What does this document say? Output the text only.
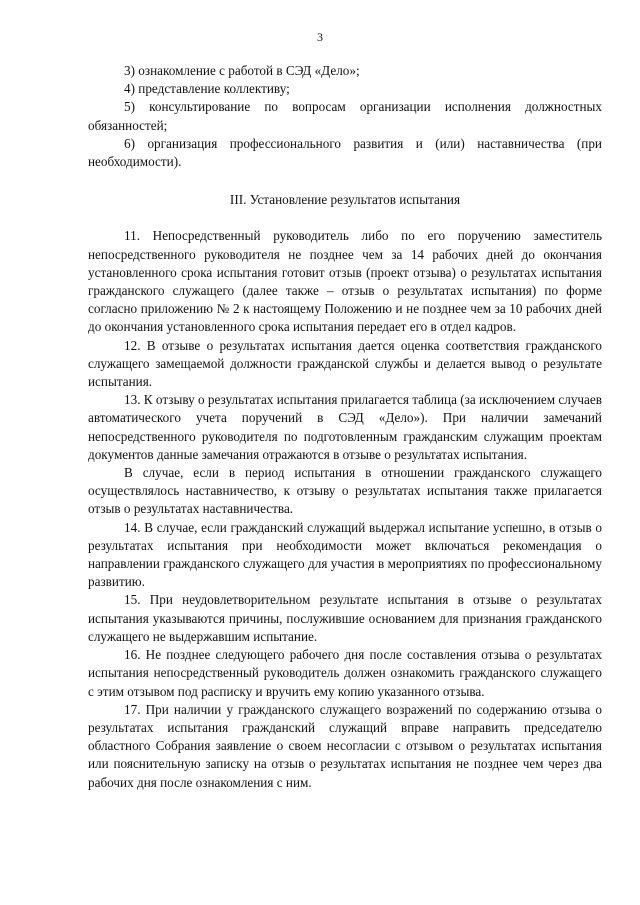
3

3) ознакомление с работой в СЭД «Дело»;

4) представление коллективу;

5) консультирование по вопросам организации исполнения должностных обязанностей;

6) организация профессионального развития и (или) наставничества (при необходимости).

III. Установление результатов испытания

11. Непосредственный руководитель либо по его поручению заместитель непосредственного руководителя не позднее чем за 14 рабочих дней до окончания установленного срока испытания готовит отзыв (проект отзыва) о результатах испытания гражданского служащего (далее также – отзыв о результатах испытания) по форме согласно приложению № 2 к настоящему Положению и не позднее чем за 10 рабочих дней до окончания установленного срока испытания передает его в отдел кадров.

12. В отзыве о результатах испытания дается оценка соответствия гражданского служащего замещаемой должности гражданской службы и делается вывод о результате испытания.

13. К отзыву о результатах испытания прилагается таблица (за исключением случаев автоматического учета поручений в СЭД «Дело»). При наличии замечаний непосредственного руководителя по подготовленным гражданским служащим проектам документов данные замечания отражаются в отзыве о результатах испытания.

В случае, если в период испытания в отношении гражданского служащего осуществлялось наставничество, к отзыву о результатах испытания также прилагается отзыв о результатах наставничества.

14. В случае, если гражданский служащий выдержал испытание успешно, в отзыв о результатах испытания при необходимости может включаться рекомендация о направлении гражданского служащего для участия в мероприятиях по профессиональному развитию.

15. При неудовлетворительном результате испытания в отзыве о результатах испытания указываются причины, послужившие основанием для признания гражданского служащего не выдержавшим испытание.

16. Не позднее следующего рабочего дня после составления отзыва о результатах испытания непосредственный руководитель должен ознакомить гражданского служащего с этим отзывом под расписку и вручить ему копию указанного отзыва.

17. При наличии у гражданского служащего возражений по содержанию отзыва о результатах испытания гражданский служащий вправе направить председателю областного Собрания заявление о своем несогласии с отзывом о результатах испытания или пояснительную записку на отзыв о результатах испытания не позднее чем через два рабочих дня после ознакомления с ним.
